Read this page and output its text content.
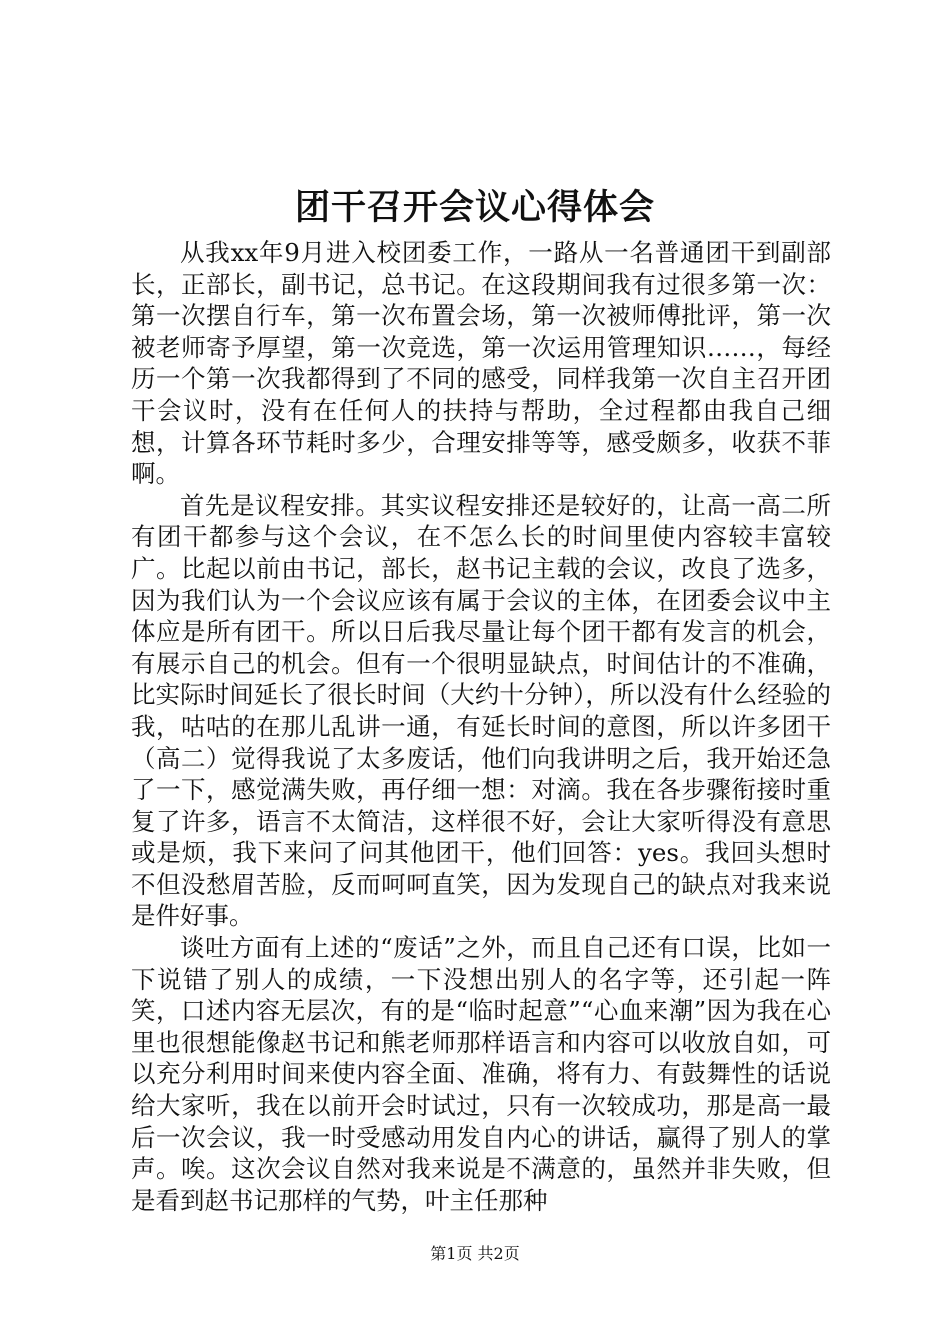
团干召开会议心得体会

从我xx年9月进入校团委工作，一路从一名普通团干到副部长，正部长，副书记，总书记。在这段期间我有过很多第一次：第一次摆自行车，第一次布置会场，第一次被师傅批评，第一次被老师寄予厚望，第一次竞选，第一次运用管理知识……，每经历一个第一次我都得到了不同的感受，同样我第一次自主召开团干会议时，没有在任何人的扶持与帮助，全过程都由我自己细想，计算各环节耗时多少，合理安排等等，感受颇多，收获不菲啊。

首先是议程安排。其实议程安排还是较好的，让高一高二所有团干都参与这个会议，在不怎么长的时间里使内容较丰富较广。比起以前由书记，部长，赵书记主载的会议，改良了选多，因为我们认为一个会议应该有属于会议的主体，在团委会议中主体应是所有团干。所以日后我尽量让每个团干都有发言的机会，有展示自己的机会。但有一个很明显缺点，时间估计的不准确，比实际时间延长了很长时间（大约十分钟），所以没有什么经验的我，咕咕的在那儿乱讲一通，有延长时间的意图，所以许多团干（高二）觉得我说了太多废话，他们向我讲明之后，我开始还急了一下，感觉满失败，再仔细一想：对滴。我在各步骤衔接时重复了许多，语言不太简洁，这样很不好，会让大家听得没有意思或是烦，我下来问了问其他团干，他们回答：yes。我回头想时不但没愁眉苦脸，反而呵呵直笑，因为发现自己的缺点对我来说是件好事。

谈吐方面有上述的“废话”之外，而且自己还有口误，比如一下说错了别人的成绩，一下没想出别人的名字等，还引起一阵笑，口述内容无层次，有的是“临时起意”“心血来潮”因为我在心里也很想能像赵书记和熊老师那样语言和内容可以收放自如，可以充分利用时间来使内容全面、准确，将有力、有鼓舞性的话说给大家听，我在以前开会时试过，只有一次较成功，那是高一最后一次会议，我一时受感动用发自内心的讲话，赢得了别人的掌声。唉。这次会议自然对我来说是不满意的，虽然并非失败，但是看到赵书记那样的气势，叶主任那种

第1页 共2页
